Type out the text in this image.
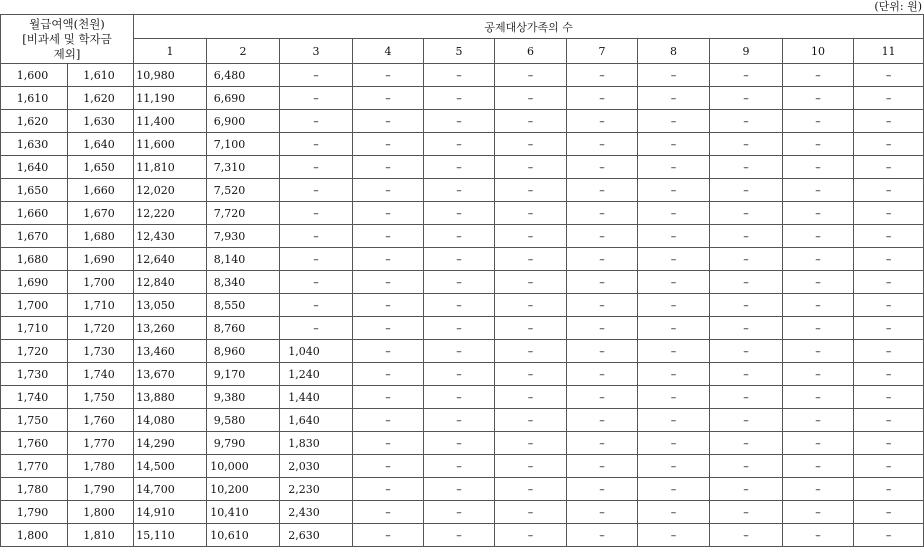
(단위: 원)
월급여액(천원)
[비과세 및 학자금
제외]		공제대상가족의 수										
		1	2	3	4	5	6	7	8	9	10	11
1,600	1,610	10,980	6,480	–	–	–	–	–	–	–	–	–
1,610	1,620	11,190	6,690	–	–	–	–	–	–	–	–	–
1,620	1,630	11,400	6,900	–	–	–	–	–	–	–	–	–
1,630	1,640	11,600	7,100	–	–	–	–	–	–	–	–	–
1,640	1,650	11,810	7,310	–	–	–	–	–	–	–	–	–
1,650	1,660	12,020	7,520	–	–	–	–	–	–	–	–	–
1,660	1,670	12,220	7,720	–	–	–	–	–	–	–	–	–
1,670	1,680	12,430	7,930	–	–	–	–	–	–	–	–	–
1,680	1,690	12,640	8,140	–	–	–	–	–	–	–	–	–
1,690	1,700	12,840	8,340	–	–	–	–	–	–	–	–	–
1,700	1,710	13,050	8,550	–	–	–	–	–	–	–	–	–
1,710	1,720	13,260	8,760	–	–	–	–	–	–	–	–	–
1,720	1,730	13,460	8,960	1,040	–	–	–	–	–	–	–	–
1,730	1,740	13,670	9,170	1,240	–	–	–	–	–	–	–	–
1,740	1,750	13,880	9,380	1,440	–	–	–	–	–	–	–	–
1,750	1,760	14,080	9,580	1,640	–	–	–	–	–	–	–	–
1,760	1,770	14,290	9,790	1,830	–	–	–	–	–	–	–	–
1,770	1,780	14,500	10,000	2,030	–	–	–	–	–	–	–	–
1,780	1,790	14,700	10,200	2,230	–	–	–	–	–	–	–	–
1,790	1,800	14,910	10,410	2,430	–	–	–	–	–	–	–	–
1,800	1,810	15,110	10,610	2,630	–	–	–	–	–	–	–	–
